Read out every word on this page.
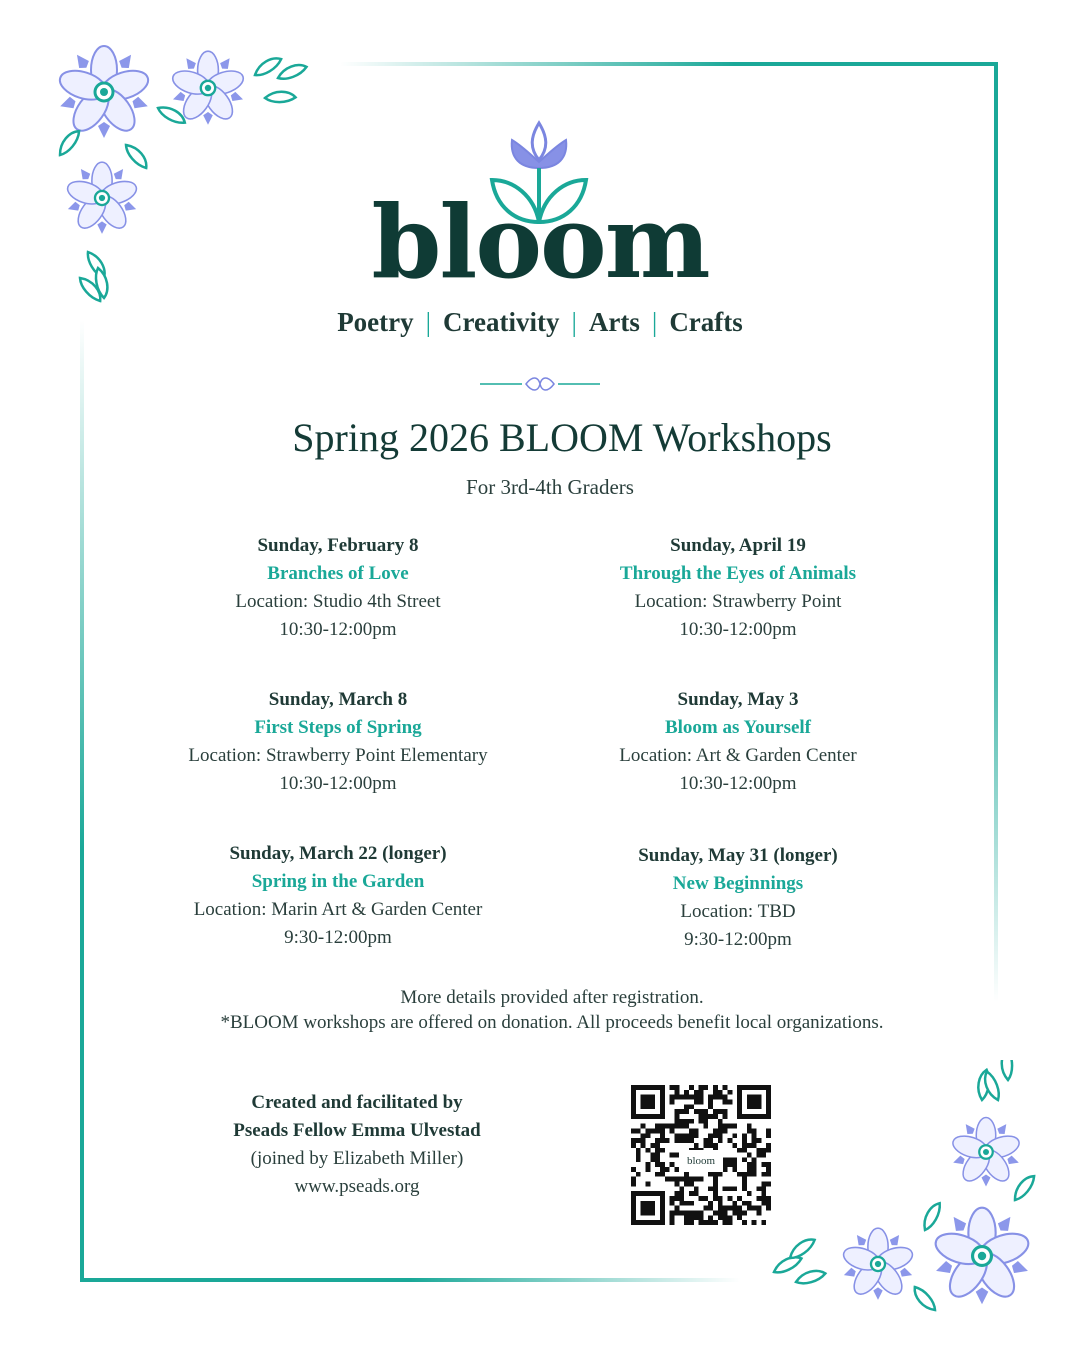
bloom
Poetry | Creativity | Arts | Crafts
Spring 2026 BLOOM Workshops
For 3rd-4th Graders
Sunday, February 8
Branches of Love
Location: Studio 4th Street
10:30-12:00pm
Sunday, March 8
First Steps of Spring
Location: Strawberry Point Elementary
10:30-12:00pm
Sunday, March 22 (longer)
Spring in the Garden
Location: Marin Art & Garden Center
9:30-12:00pm
Sunday, April 19
Through the Eyes of Animals
Location: Strawberry Point
10:30-12:00pm
Sunday, May 3
Bloom as Yourself
Location: Art & Garden Center
10:30-12:00pm
Sunday, May 31 (longer)
New Beginnings
Location: TBD
9:30-12:00pm
More details provided after registration.
*BLOOM workshops are offered on donation. All proceeds benefit local organizations.
Created and facilitated by
Pseads Fellow Emma Ulvestad
(joined by Elizabeth Miller)
www.pseads.org
bloom
